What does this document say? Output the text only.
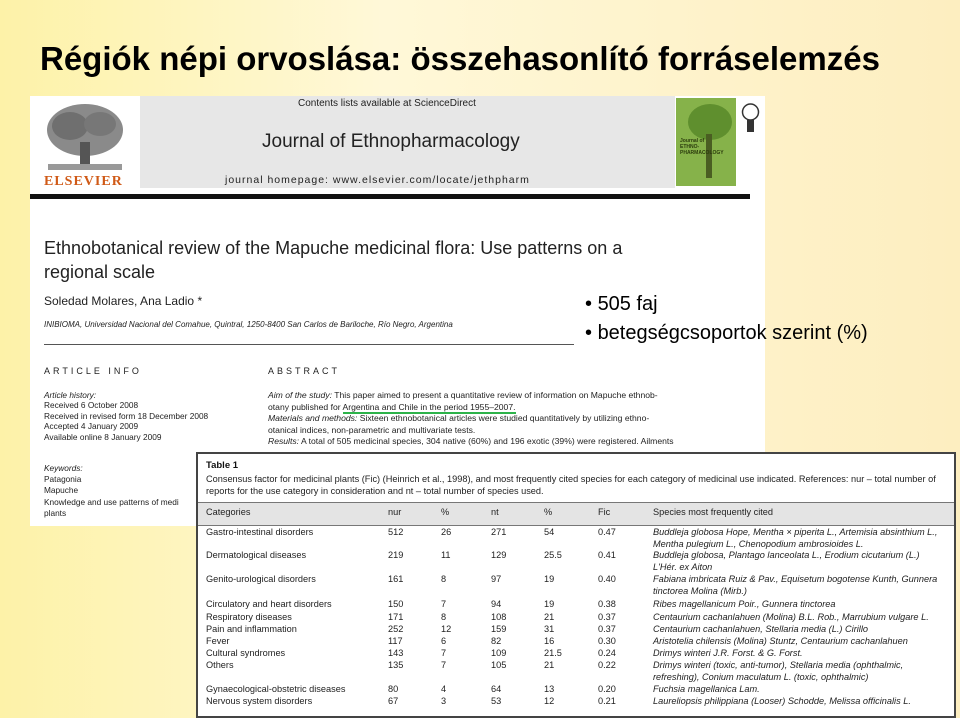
Régiók népi orvoslása: összehasonlító forráselemzés
ELSEVIER
Contents lists available at ScienceDirect
Journal of Ethnopharmacology
journal homepage: www.elsevier.com/locate/jethpharm
Journal of ETHNO-PHARMACOLOGY
Ethnobotanical review of the Mapuche medicinal flora: Use patterns on a
regional scale
Soledad Molares, Ana Ladio *
INIBIOMA, Universidad Nacional del Comahue, Quintral, 1250-8400 San Carlos de Bariloche, Río Negro, Argentina
ARTICLE INFO	ABSTRACT
Article history:
Received 6 October 2008
Received in revised form 18 December 2008
Accepted 4 January 2009
Available online 8 January 2009
Keywords:
Patagonia
Mapuche
Knowledge and use patterns of medi
plants
Aim of the study: This paper aimed to present a quantitative review of information on Mapuche ethnob-
otany published for Argentina and Chile in the period 1955–2007.
Materials and methods: Sixteen ethnobotanical articles were studied quantitatively by utilizing ethno-
otanical indices, non-parametric and multivariate tests.
Results: A total of 505 medicinal species, 304 native (60%) and 196 exotic (39%) were registered. Ailments
• 505 faj
• betegségcsoportok szerint (%)
Table 1
Consensus factor for medicinal plants (Fic) (Heinrich et al., 1998), and most frequently cited species for each category of medicinal use indicated. References: nur – total number of reports for the use category in consideration and nt – total number of species used.
Categories	nur	%	nt	%	Fic	Species most frequently cited
Gastro-intestinal disorders	512	26	271	54	0.47	Buddleja globosa Hope, Mentha × piperita L., Artemisia absinthium L., Mentha pulegium L., Chenopodium ambrosioides L.
Dermatological diseases	219	11	129	25.5	0.41	Buddleja globosa, Plantago lanceolata L., Erodium cicutarium (L.) L'Hér. ex Aiton
Genito-urological disorders	161	8	97	19	0.40	Fabiana imbricata Ruiz & Pav., Equisetum bogotense Kunth, Gunnera tinctorea Molina (Mirb.)
Circulatory and heart disorders	150	7	94	19	0.38	Ribes magellanicum Poir., Gunnera tinctorea
Respiratory diseases	171	8	108	21	0.37	Centaurium cachanlahuen (Molina) B.L. Rob., Marrubium vulgare L.
Pain and inflammation	252	12	159	31	0.37	Centaurium cachanlahuen, Stellaria media (L.) Cirillo
Fever	117	6	82	16	0.30	Aristotelia chilensis (Molina) Stuntz, Centaurium cachanlahuen
Cultural syndromes	143	7	109	21.5	0.24	Drimys winteri J.R. Forst. & G. Forst.
Others	135	7	105	21	0.22	Drimys winteri (toxic, anti-tumor), Stellaria media (ophthalmic, refreshing), Conium maculatum L. (toxic, ophthalmic)
Gynaecological-obstetric diseases	80	4	64	13	0.20	Fuchsia magellanica Lam.
Nervous system disorders	67	3	53	12	0.21	Laureliopsis philippiana (Looser) Schodde, Melissa officinalis L.
